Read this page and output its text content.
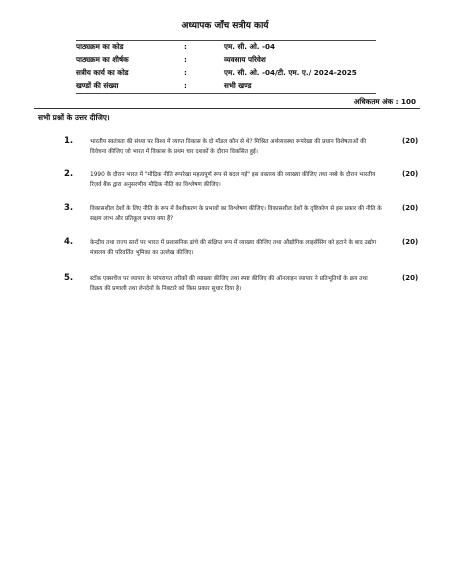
अध्यापक जाँच सत्रीय कार्य
पाठ्यक्रम का कोड	:	एम. सी. ओ. -04
पाठ्यक्रम का शीर्षक	:	व्यवसाय परिवेश
सत्रीय कार्य का कोड	:	एम. सी. ओ. -04/टी. एम. ए./ 2024-2025
खण्डों की संख्या	:	सभी खण्ड
अधिकतम अंक : 100
सभी प्रश्नों के उत्तर दीजिए।
1.	भारतीय स्वतंत्रता की संध्या पर विश्व में व्याप्त विकास के दो मॉडल कौन से थे? मिश्रित अर्थव्यवस्था रूपरेखा की प्रधान विशेषताओं की विवेचना कीजिए जो भारत में विकास के प्रथम चार दशकों के दौरान विकसित हुई।
(20)
2.	1990 के दौरान भारत में "मौद्रिक नीति रूपरेखा महत्वपूर्ण रूप से बदल गई" इस वक्तव्य की व्याख्या कीजिए तथा नब्बे के दौरान भारतीय रिज़र्व बैंक द्वारा अनुसरणीय मौद्रिक नीति का विश्लेषण कीजिए।
(20)
3.	विकासशील देशों के लिए नीति के रूप में वैश्वीकरण के प्रभावों का विश्लेषण कीजिए। विकासशील देशों के दृष्टिकोण से इस प्रकार की नीति के सक्षम लाभ और प्रतिकूल प्रभाव क्या हैं?
(20)
4.	केन्द्रीय तथा राज्य स्तरों पर भारत में प्रशासनिक ढांचे की संक्षिप्त रूप में व्याख्या कीजिए तथा औद्योगिक लाइसेंसिंग को हटाने के बाद उद्योग मंत्रालय की परिवर्तित भूमिका का उल्लेख कीजिए।
(20)
5.	स्टॉक एक्सचेंज पर व्यापार के परंपरागत तरीकों की व्याख्या कीजिए तथा स्पष्ट कीजिए की ऑनलाइन व्यापार ने प्रतिभूतियों के क्रय तथा विक्रय की प्रणाली तथा लेनदेनों के निबटारे को किस प्रकार सुधार दिया है।
(20)
